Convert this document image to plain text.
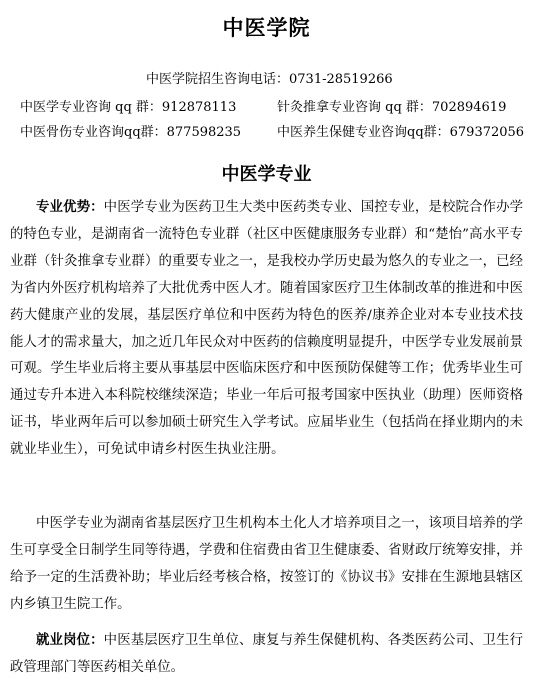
中医学院
中医学院招生咨询电话：0731-28519266
中医学专业咨询 qq 群：912878113	针灸推拿专业咨询 qq 群：702894619
中医骨伤专业咨询qq群：877598235	中医养生保健专业咨询qq群：679372056
中医学专业

专业优势：中医学专业为医药卫生大类中医药类专业、国控专业，是校院合作办学的特色专业，是湖南省一流特色专业群（社区中医健康服务专业群）和“楚怡”高水平专业群（针灸推拿专业群）的重要专业之一，是我校办学历史最为悠久的专业之一，已经为省内外医疗机构培养了大批优秀中医人才。随着国家医疗卫生体制改革的推进和中医药大健康产业的发展，基层医疗单位和中医药为特色的医养/康养企业对本专业技术技能人才的需求量大，加之近几年民众对中医药的信赖度明显提升，中医学专业发展前景可观。学生毕业后将主要从事基层中医临床医疗和中医预防保健等工作；优秀毕业生可通过专升本进入本科院校继续深造；毕业一年后可报考国家中医执业（助理）医师资格证书，毕业两年后可以参加硕士研究生入学考试。应届毕业生（包括尚在择业期内的未就业毕业生），可免试申请乡村医生执业注册。

中医学专业为湖南省基层医疗卫生机构本土化人才培养项目之一，该项目培养的学生可享受全日制学生同等待遇，学费和住宿费由省卫生健康委、省财政厅统筹安排，并给予一定的生活费补助；毕业后经考核合格，按签订的《协议书》安排在生源地县辖区内乡镇卫生院工作。

就业岗位：中医基层医疗卫生单位、康复与养生保健机构、各类医药公司、卫生行政管理部门等医药相关单位。
